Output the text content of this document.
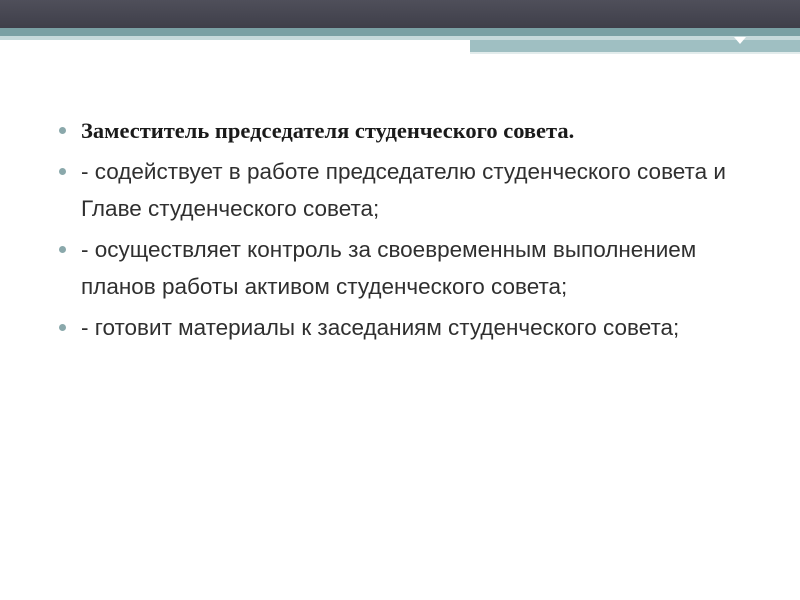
Заместитель председателя студенческого совета.
- содействует в работе председателю студенческого совета и Главе студенческого совета;
- осуществляет контроль за своевременным выполнением планов работы активом студенческого совета;
- готовит материалы к заседаниям студенческого совета;
